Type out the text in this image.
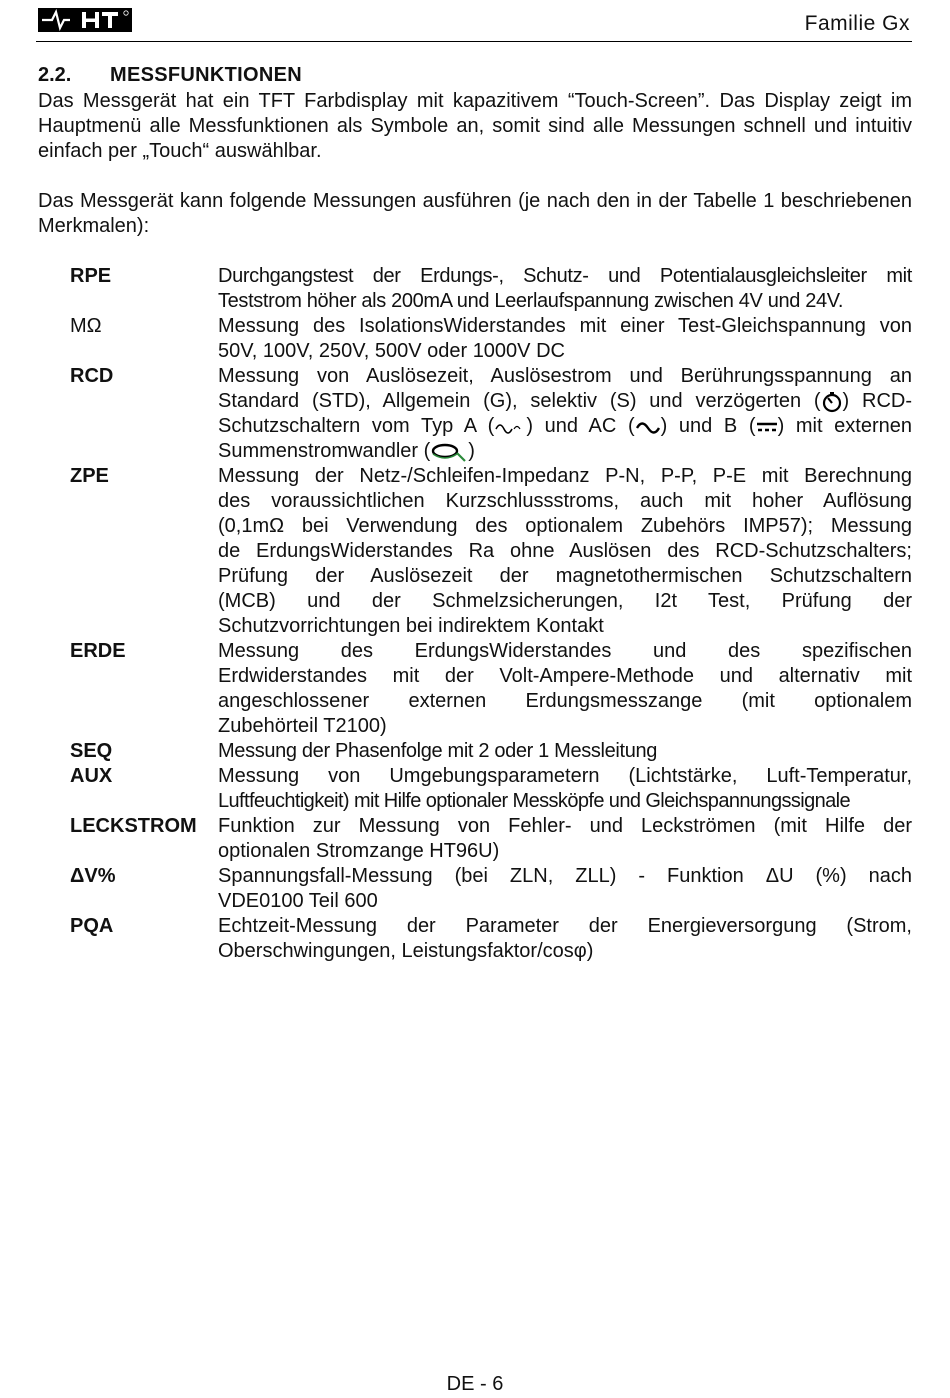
Familie Gx
2.2. MESSFUNKTIONEN
Das Messgerät hat ein TFT Farbdisplay mit kapazitivem “Touch-Screen”. Das Display zeigt im Hauptmenü alle Messfunktionen als Symbole an, somit sind alle Messungen schnell und intuitiv einfach per „Touch“ auswählbar.
Das Messgerät kann folgende Messungen ausführen (je nach den in der Tabelle 1 beschriebenen Merkmalen):
RPE	Durchgangstest der Erdungs-, Schutz- und Potentialausgleichsleiter mit
Teststrom höher als 200mA und Leerlaufspannung zwischen 4V und 24V.
MΩ	Messung des IsolationsWiderstandes mit einer Test-Gleichspannung von
50V, 100V, 250V, 500V oder 1000V DC
RCD	Messung von Auslösezeit, Auslösestrom und Berührungsspannung an
Standard (STD), Allgemein (G), selektiv (S) und verzögerten ( ) RCD-
Schutzschaltern vom Typ A ( ) und AC ( ) und B ( ) mit externen
Summenstromwandler ( )
ZPE	Messung der Netz-/Schleifen-Impedanz P-N, P-P, P-E mit Berechnung
des voraussichtlichen Kurzschlussstroms, auch mit hoher Auflösung
(0,1mΩ bei Verwendung des optionalem Zubehörs IMP57); Messung
de ErdungsWiderstandes Ra ohne Auslösen des RCD-Schutzschalters;
Prüfung der Auslösezeit der magnetothermischen Schutzschaltern
(MCB) und der Schmelzsicherungen, I2t Test, Prüfung der
Schutzvorrichtungen bei indirektem Kontakt
ERDE	Messung des ErdungsWiderstandes und des spezifischen
Erdwiderstandes mit der Volt-Ampere-Methode und alternativ mit
angeschlossener externen Erdungsmesszange (mit optionalem
Zubehörteil T2100)
SEQ	Messung der Phasenfolge mit 2 oder 1 Messleitung
AUX	Messung von Umgebungsparametern (Lichtstärke, Luft-Temperatur,
Luftfeuchtigkeit) mit Hilfe optionaler Messköpfe und Gleichspannungssignale
LECKSTROM	Funktion zur Messung von Fehler- und Leckströmen (mit Hilfe der
optionalen Stromzange HT96U)
ΔV%	Spannungsfall-Messung (bei ZLN, ZLL) - Funktion ΔU (%) nach
VDE0100 Teil 600
PQA	Echtzeit-Messung der Parameter der Energieversorgung (Strom,
Oberschwingungen, Leistungsfaktor/cosφ)
DE - 6
